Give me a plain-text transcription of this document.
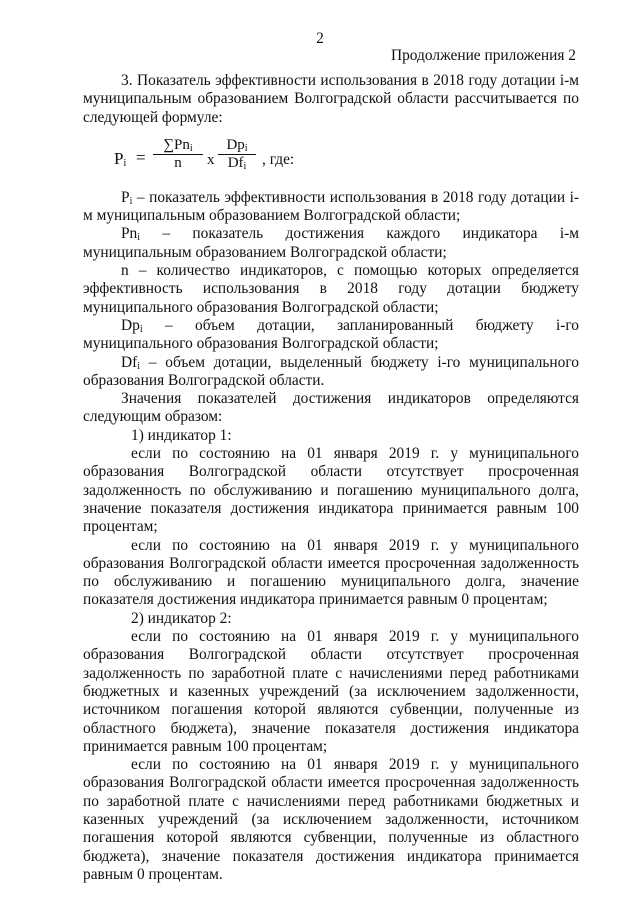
2
Продолжение приложения 2

3. Показатель эффективности использования в 2018 году дотации i-м муниципальным образованием Волгоградской области рассчитывается по следующей формуле:

$P_i$ =
$\sum Pn_i$
n	x
$Dp_i$
$Df_i$	, где:

$P_i$ – показатель эффективности использования в 2018 году дотации i-м муниципальным образованием Волгоградской области;

$Pn_i$ – показатель достижения каждого индикатора i-м муниципальным образованием Волгоградской области;

n – количество индикаторов, с помощью которых определяется эффективность использования в 2018 году дотации бюджету муниципального образования Волгоградской области;

$Dp_i$ – объем дотации, запланированный бюджету i-го муниципального образования Волгоградской области;

$Df_i$ – объем дотации, выделенный бюджету i-го муниципального образования Волгоградской области.

Значения показателей достижения индикаторов определяются следующим образом:

1) индикатор 1:

если по состоянию на 01 января 2019 г. у муниципального образования Волгоградской области отсутствует просроченная задолженность по обслуживанию и погашению муниципального долга, значение показателя достижения индикатора принимается равным 100 процентам;

если по состоянию на 01 января 2019 г. у муниципального образования Волгоградской области имеется просроченная задолженность по обслуживанию и погашению муниципального долга, значение показателя достижения индикатора принимается равным 0 процентам;

2) индикатор 2:

если по состоянию на 01 января 2019 г. у муниципального образования Волгоградской области отсутствует просроченная задолженность по заработной плате с начислениями перед работниками бюджетных и казенных учреждений (за исключением задолженности, источником погашения которой являются субвенции, полученные из областного бюджета), значение показателя достижения индикатора принимается равным 100 процентам;

если по состоянию на 01 января 2019 г. у муниципального образования Волгоградской области имеется просроченная задолженность по заработной плате с начислениями перед работниками бюджетных и казенных учреждений (за исключением задолженности, источником погашения которой являются субвенции, полученные из областного бюджета), значение показателя достижения индикатора принимается равным 0 процентам.
